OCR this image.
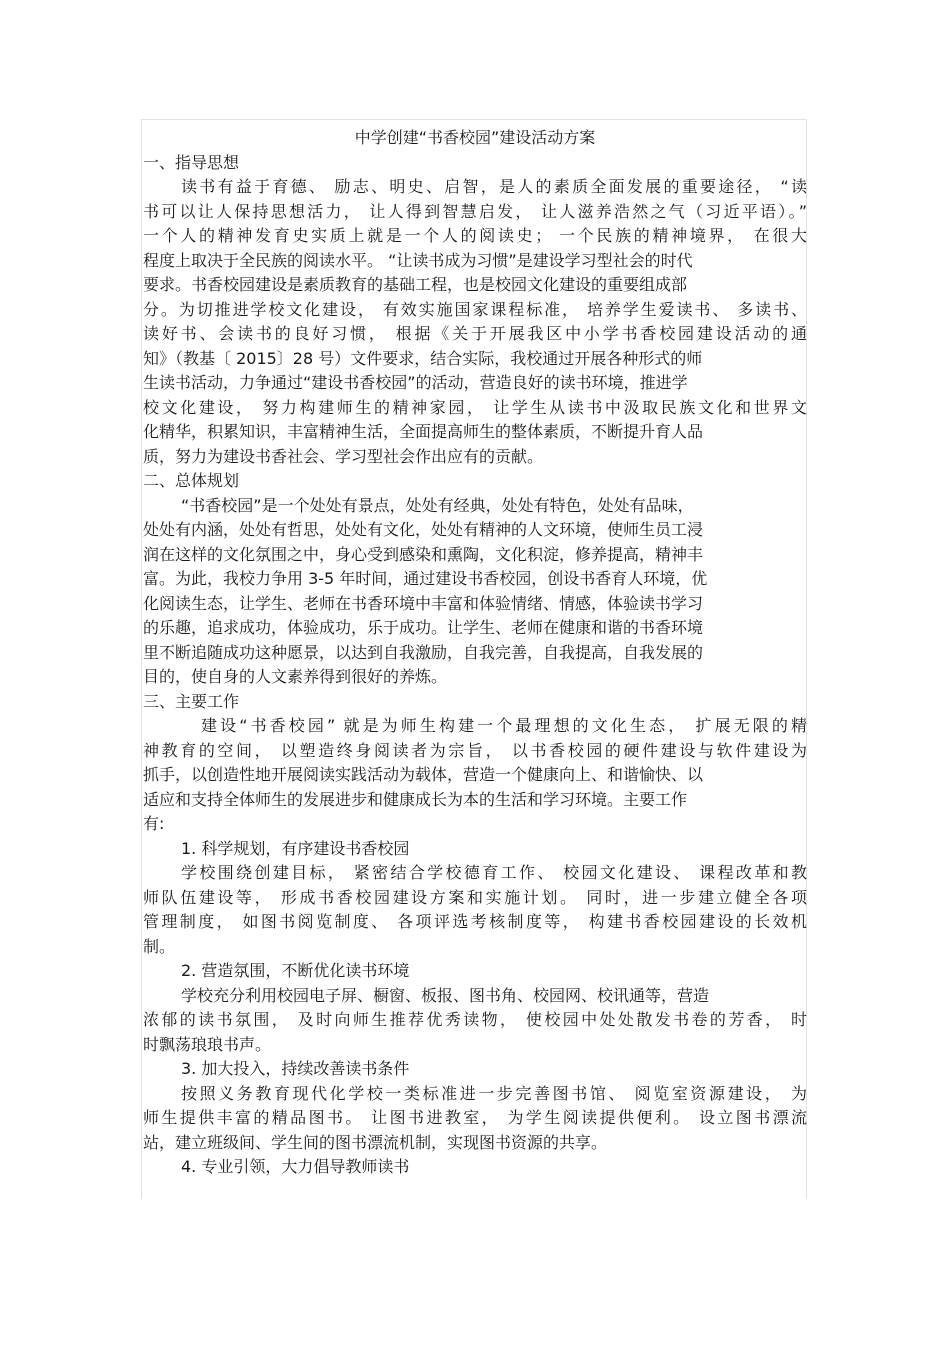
中学创建“书香校园”建设活动方案
一、指导思想
读书有益于育德、 励志、明史、启智，是人的素质全面发展的重要途径， “读
书可以让人保持思想活力， 让人得到智慧启发， 让人滋养浩然之气（习近平语）。”
一个人的精神发育史实质上就是一个人的阅读史； 一个民族的精神境界， 在很大
程度上取决于全民族的阅读水平。 “让读书成为习惯”是建设学习型社会的时代
要求。书香校园建设是素质教育的基础工程，也是校园文化建设的重要组成部
分。为切推进学校文化建设， 有效实施国家课程标准， 培养学生爱读书、 多读书、
读好书、会读书的良好习惯， 根据《关于开展我区中小学书香校园建设活动的通
知》（教基〔 2015〕28 号）文件要求，结合实际，我校通过开展各种形式的师
生读书活动，力争通过“建设书香校园”的活动，营造良好的读书环境，推进学
校文化建设， 努力构建师生的精神家园， 让学生从读书中汲取民族文化和世界文
化精华，积累知识，丰富精神生活，全面提高师生的整体素质，不断提升育人品
质，努力为建设书香社会、学习型社会作出应有的贡献。
二、总体规划
“书香校园”是一个处处有景点，处处有经典，处处有特色，处处有品味，
处处有内涵，处处有哲思，处处有文化，处处有精神的人文环境，使师生员工浸
润在这样的文化氛围之中，身心受到感染和熏陶，文化积淀，修养提高，精神丰
富。为此，我校力争用 3-5 年时间，通过建设书香校园，创设书香育人环境，优
化阅读生态，让学生、老师在书香环境中丰富和体验情绪、情感，体验读书学习
的乐趣，追求成功，体验成功，乐于成功。让学生、老师在健康和谐的书香环境
里不断追随成功这种愿景，以达到自我激励，自我完善，自我提高，自我发展的
目的，使自身的人文素养得到很好的养炼。
三、主要工作
建设“书香校园” 就是为师生构建一个最理想的文化生态， 扩展无限的精
神教育的空间， 以塑造终身阅读者为宗旨， 以书香校园的硬件建设与软件建设为
抓手，以创造性地开展阅读实践活动为载体，营造一个健康向上、和谐愉快、以
适应和支持全体师生的发展进步和健康成长为本的生活和学习环境。主要工作
有:
1. 科学规划，有序建设书香校园
学校围绕创建目标， 紧密结合学校德育工作、 校园文化建设、 课程改革和教
师队伍建设等， 形成书香校园建设方案和实施计划。 同时，进一步建立健全各项
管理制度， 如图书阅览制度、 各项评选考核制度等， 构建书香校园建设的长效机
制。
2. 营造氛围，不断优化读书环境
学校充分利用校园电子屏、橱窗、板报、图书角、校园网、校讯通等，营造
浓郁的读书氛围， 及时向师生推荐优秀读物， 使校园中处处散发书卷的芳香， 时
时飘荡琅琅书声。
3. 加大投入，持续改善读书条件
按照义务教育现代化学校一类标准进一步完善图书馆、 阅览室资源建设， 为
师生提供丰富的精品图书。 让图书进教室， 为学生阅读提供便利。 设立图书漂流
站，建立班级间、学生间的图书漂流机制，实现图书资源的共享。
4. 专业引领，大力倡导教师读书
